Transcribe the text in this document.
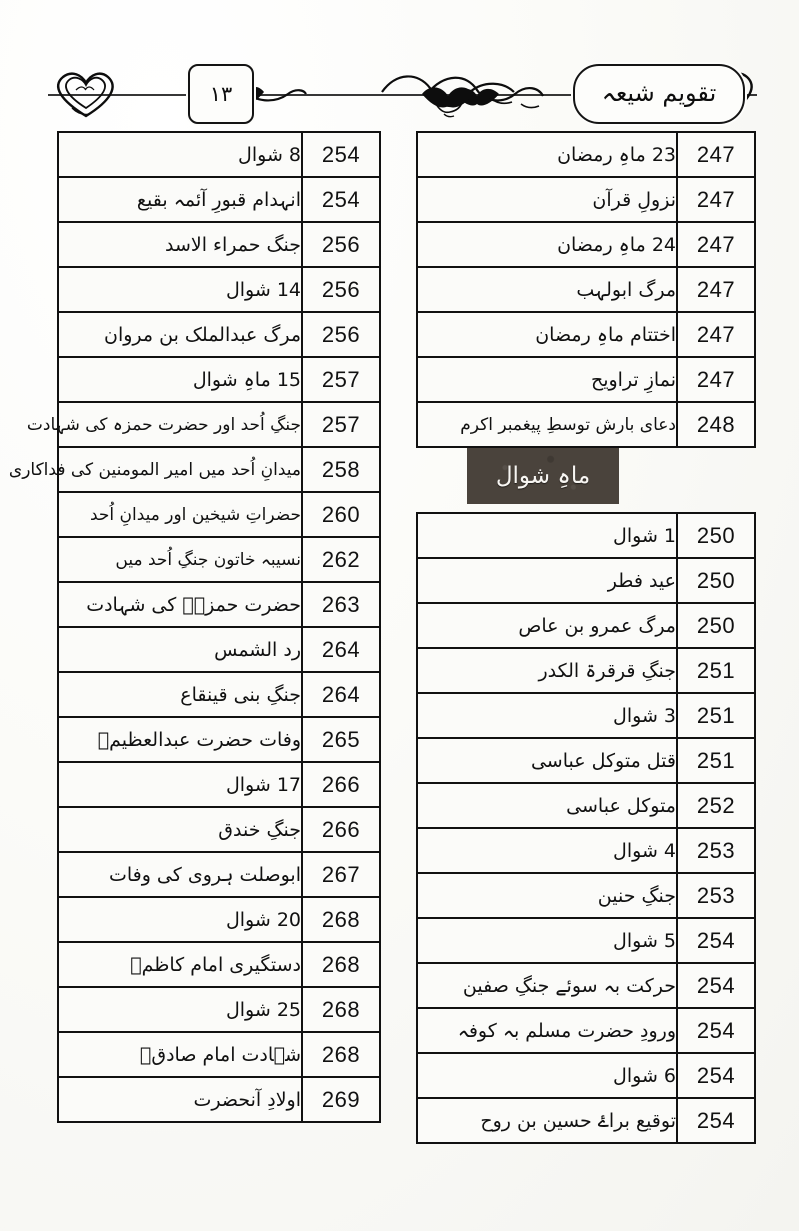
تقویم شیعہ
۱۳
247	23 ماہِ رمضان
247	نزولِ قرآن
247	24 ماہِ رمضان
247	مرگ ابولہب
247	اختتام ماہِ رمضان
247	نمازِ تراویح
248	دعای بارش توسطِ پیغمبر اکرم
250	1 شوال
250	عید فطر
250	مرگ عمرو بن عاص
251	جنگِ قرقرۃ الکدر
251	3 شوال
251	قتل متوکل عباسی
252	متوکل عباسی
253	4 شوال
253	جنگِ حنین
254	5 شوال
254	حرکت بہ سوئے جنگِ صفین
254	ورودِ حضرت مسلم بہ کوفہ
254	6 شوال
254	توقیع براۓ حسین بن روح
ماہِ شوال
254	8 شوال
254	انہدام قبورِ آئمہ بقیع
256	جنگ حمراء الاسد
256	14 شوال
256	مرگ عبدالملک بن مروان
257	15 ماہِ شوال
257	جنگِ اُحد اور حضرت حمزہ کی شہادت
258	میدانِ اُحد میں امیر المومنین کی فداکاری
260	حضراتِ شیخین اور میدانِ اُحد
262	نسیبہ خاتون جنگِ اُحد میں
263	حضرت حمزہؑ کی شہادت
264	رد الشمس
264	جنگِ بنی قینقاع
265	وفات حضرت عبدالعظیمؑ
266	17 شوال
266	جنگِ خندق
267	ابوصلت ہروی کی وفات
268	20 شوال
268	دستگیری امام کاظمؑ
268	25 شوال
268	شہادت امام صادقؑ
269	اولادِ آنحضرت
